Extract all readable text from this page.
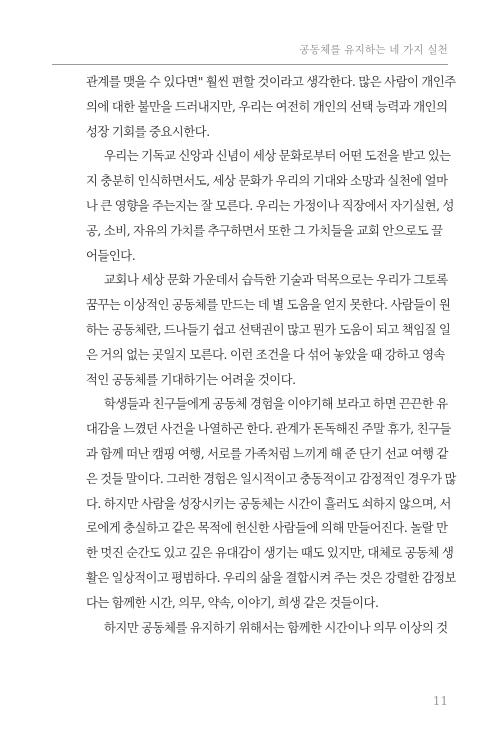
공동체를 유지하는 네 가지 실천
관계를 맺을 수 있다면" 훨씬 편할 것이라고 생각한다. 많은 사람이 개인주
의에 대한 불만을 드러내지만, 우리는 여전히 개인의 선택 능력과 개인의
성장 기회를 중요시한다.
우리는 기독교 신앙과 신념이 세상 문화로부터 어떤 도전을 받고 있는
지 충분히 인식하면서도, 세상 문화가 우리의 기대와 소망과 실천에 얼마
나 큰 영향을 주는지는 잘 모른다. 우리는 가정이나 직장에서 자기실현, 성
공, 소비, 자유의 가치를 추구하면서 또한 그 가치들을 교회 안으로도 끌
어들인다.
교회나 세상 문화 가운데서 습득한 기술과 덕목으로는 우리가 그토록
꿈꾸는 이상적인 공동체를 만드는 데 별 도움을 얻지 못한다. 사람들이 원
하는 공동체란, 드나들기 쉽고 선택권이 많고 뭔가 도움이 되고 책임질 일
은 거의 없는 곳일지 모른다. 이런 조건을 다 섞어 놓았을 때 강하고 영속
적인 공동체를 기대하기는 어려울 것이다.
학생들과 친구들에게 공동체 경험을 이야기해 보라고 하면 끈끈한 유
대감을 느꼈던 사건을 나열하곤 한다. 관계가 돈독해진 주말 휴가, 친구들
과 함께 떠난 캠핑 여행, 서로를 가족처럼 느끼게 해 준 단기 선교 여행 같
은 것들 말이다. 그러한 경험은 일시적이고 충동적이고 감정적인 경우가 많
다. 하지만 사람을 성장시키는 공동체는 시간이 흘러도 쇠하지 않으며, 서
로에게 충실하고 같은 목적에 헌신한 사람들에 의해 만들어진다. 놀랄 만
한 멋진 순간도 있고 깊은 유대감이 생기는 때도 있지만, 대체로 공동체 생
활은 일상적이고 평범하다. 우리의 삶을 결합시켜 주는 것은 강렬한 감정보
다는 함께한 시간, 의무, 약속, 이야기, 희생 같은 것들이다.
하지만 공동체를 유지하기 위해서는 함께한 시간이나 의무 이상의 것
11
